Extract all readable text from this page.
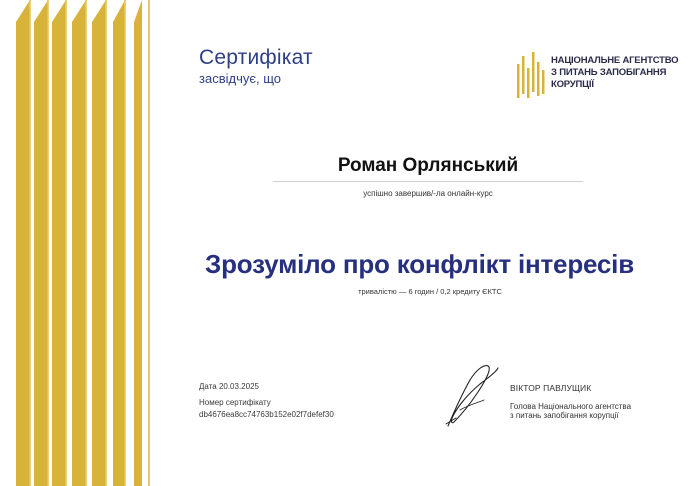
Сертифікат
засвідчує, що
НАЦІОНАЛЬНЕ АГЕНТСТВО
З ПИТАНЬ ЗАПОБІГАННЯ
КОРУПЦІЇ
Роман Орлянський
успішно завершив/-ла онлайн-курс
Зрозуміло про конфлікт інтересів
тривалістю — 6 годин / 0,2 кредиту ЄКТС
Дата 20.03.2025
Номер сертифікату
db4676ea8cc74763b152e02f7defef30
ВІКТОР ПАВЛУЩИК
Голова Національного агентства
з питань запобігання корупції
